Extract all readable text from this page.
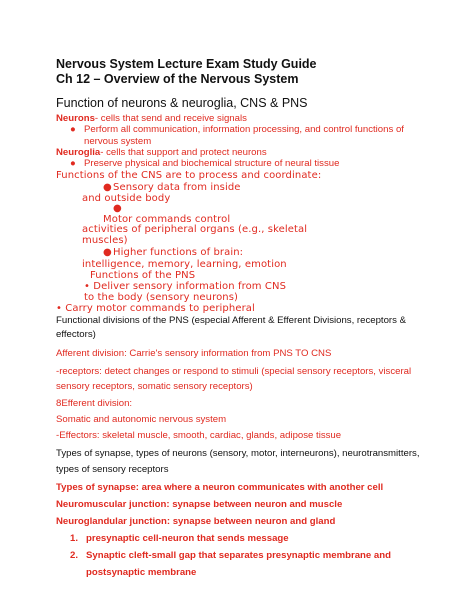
Nervous System Lecture Exam Study Guide
Ch 12 – Overview of the Nervous System
Function of neurons & neuroglia, CNS & PNS
Neurons- cells that send and receive signals
● Perform all communication, information processing, and control functions of
nervous system
Neuroglia- cells that support and protect neurons
● Preserve physical and biochemical structure of neural tissue
Functions of the CNS are to process and coordinate:
● Sensory data from inside
and outside body
●
Motor commands control
activities of peripheral organs (e.g., skeletal
muscles)
● Higher functions of brain:
intelligence, memory, learning, emotion
Functions of the PNS
• Deliver sensory information from CNS
to the body (sensory neurons)
• Carry motor commands to peripheral
Functional divisions of the PNS (especial Afferent & Efferent Divisions, receptors &
effectors)
Afferent division: Carrie's sensory information from PNS TO CNS
-receptors: detect changes or respond to stimuli (special sensory receptors, visceral
sensory receptors, somatic sensory receptors)
8Efferent division:
Somatic and autonomic nervous system
-Effectors: skeletal muscle, smooth, cardiac, glands, adipose tissue
Types of synapse, types of neurons (sensory, motor, interneurons), neurotransmitters,
types of sensory receptors
Types of synapse: area where a neuron communicates with another cell
Neuromuscular junction: synapse between neuron and muscle
Neuroglandular junction: synapse between neuron and gland
1. presynaptic cell-neuron that sends message
2. Synaptic cleft-small gap that separates presynaptic membrane and
postsynaptic membrane
